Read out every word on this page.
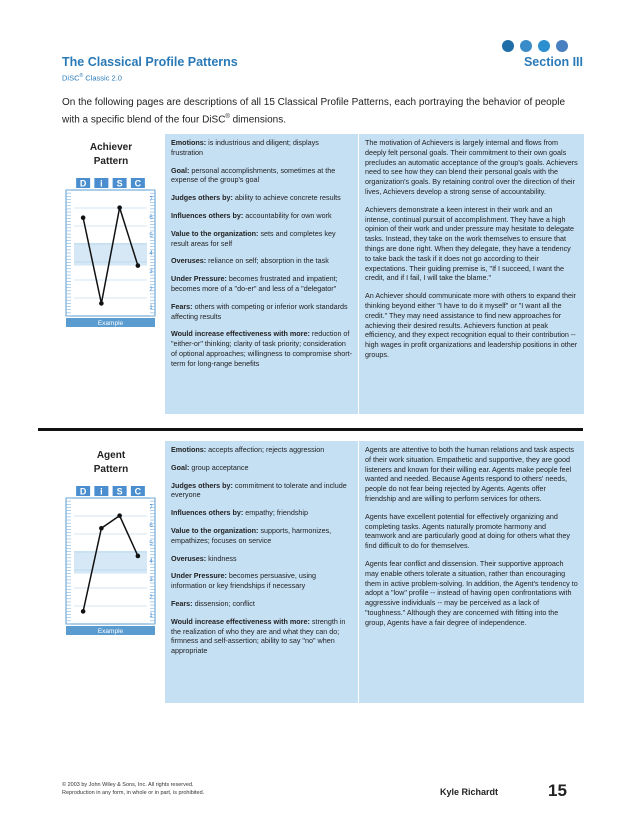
The Classical Profile Patterns	Section III
DiSC® Classic 2.0
On the following pages are descriptions of all 15 Classical Profile Patterns, each portraying the behavior of people with a specific blend of the four DiSC® dimensions.
Achiever
Pattern
D i S C
7
6
5
4
3
2
1
Example

Emotions: is industrious and diligent; displays frustration

Goal: personal accomplishments, sometimes at the expense of the group's goal

Judges others by: ability to achieve concrete results

Influences others by: accountability for own work

Value to the organization: sets and completes key result areas for self

Overuses: reliance on self; absorption in the task

Under Pressure: becomes frustrated and impatient; becomes more of a "do-er" and less of a "delegator"

Fears: others with competing or inferior work standards affecting results

Would increase effectiveness with more: reduction of "either-or" thinking; clarity of task priority; consideration of optional approaches; willingness to compromise short-term for long-range benefits

The motivation of Achievers is largely internal and flows from deeply felt personal goals. Their commitment to their own goals precludes an automatic acceptance of the group's goals. Achievers need to see how they can blend their personal goals with the organization's goals. By retaining control over the direction of their lives, Achievers develop a strong sense of accountability.

Achievers demonstrate a keen interest in their work and an intense, continual pursuit of accomplishment. They have a high opinion of their work and under pressure may hesitate to delegate tasks. Instead, they take on the work themselves to ensure that things are done right. When they delegate, they have a tendency to take back the task if it does not go according to their expectations. Their guiding premise is, "If I succeed, I want the credit, and if I fail, I will take the blame."

An Achiever should communicate more with others to expand their thinking beyond either "I have to do it myself" or "I want all the credit." They may need assistance to find new approaches for achieving their desired results. Achievers function at peak efficiency, and they expect recognition equal to their contribution -- high wages in profit organizations and leadership positions in other groups.

Agent
Pattern
D i S C
7
6
5
4
3
2
1
Example

Emotions: accepts affection; rejects aggression

Goal: group acceptance

Judges others by: commitment to tolerate and include everyone

Influences others by: empathy; friendship

Value to the organization: supports, harmonizes, empathizes; focuses on service

Overuses: kindness

Under Pressure: becomes persuasive, using information or key friendships if necessary

Fears: dissension; conflict

Would increase effectiveness with more: strength in the realization of who they are and what they can do; firmness and self-assertion; ability to say "no" when appropriate

Agents are attentive to both the human relations and task aspects of their work situation. Empathetic and supportive, they are good listeners and known for their willing ear. Agents make people feel wanted and needed. Because Agents respond to others' needs, people do not fear being rejected by Agents. Agents offer friendship and are willing to perform services for others.

Agents have excellent potential for effectively organizing and completing tasks. Agents naturally promote harmony and teamwork and are particularly good at doing for others what they find difficult to do for themselves.

Agents fear conflict and dissension. Their supportive approach may enable others tolerate a situation, rather than encouraging them in active problem-solving. In addition, the Agent's tendency to adopt a "low" profile -- instead of having open confrontations with aggressive individuals -- may be perceived as a lack of "toughness." Although they are concerned with fitting into the group, Agents have a fair degree of independence.

© 2003 by John Wiley & Sons, Inc. All rights reserved.
Reproduction in any form, in whole or in part, is prohibited.	Kyle Richardt	15
